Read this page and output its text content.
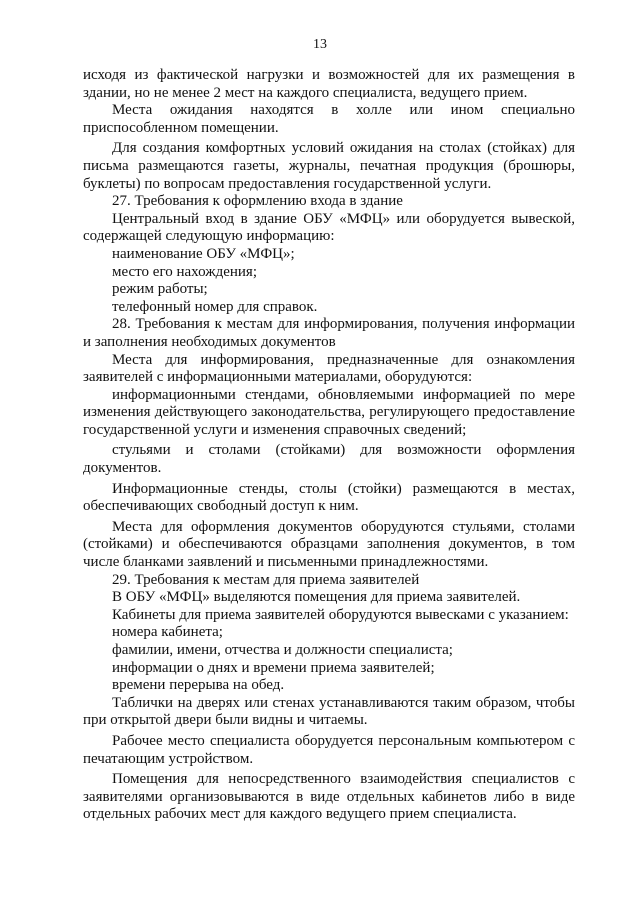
13

исходя из фактической нагрузки и возможностей для их размещения в здании, но не менее 2 мест на каждого специалиста, ведущего прием.

Места ожидания находятся в холле или ином специально приспособленном помещении.

Для создания комфортных условий ожидания на столах (стойках) для письма размещаются газеты, журналы, печатная продукция (брошюры, буклеты) по вопросам предоставления государственной услуги.

27. Требования к оформлению входа в здание

Центральный вход в здание ОБУ «МФЦ» или оборудуется вывеской, содержащей следующую информацию:

наименование ОБУ «МФЦ»;

место его нахождения;

режим работы;

телефонный номер для справок.

28. Требования к местам для информирования, получения информации и заполнения необходимых документов

Места для информирования, предназначенные для ознакомления заявителей с информационными материалами, оборудуются:

информационными стендами, обновляемыми информацией по мере изменения действующего законодательства, регулирующего предоставление государственной услуги и изменения справочных сведений;

стульями и столами (стойками) для возможности оформления документов.

Информационные стенды, столы (стойки) размещаются в местах, обеспечивающих свободный доступ к ним.

Места для оформления документов оборудуются стульями, столами (стойками) и обеспечиваются образцами заполнения документов, в том числе бланками заявлений и письменными принадлежностями.

29. Требования к местам для приема заявителей

В ОБУ «МФЦ» выделяются помещения для приема заявителей.

Кабинеты для приема заявителей оборудуются вывесками с указанием:

номера кабинета;

фамилии, имени, отчества и должности специалиста;

информации о днях и времени приема заявителей;

времени перерыва на обед.

Таблички на дверях или стенах устанавливаются таким образом, чтобы при открытой двери были видны и читаемы.

Рабочее место специалиста оборудуется персональным компьютером с печатающим устройством.

Помещения для непосредственного взаимодействия специалистов с заявителями организовываются в виде отдельных кабинетов либо в виде отдельных рабочих мест для каждого ведущего прием специалиста.
